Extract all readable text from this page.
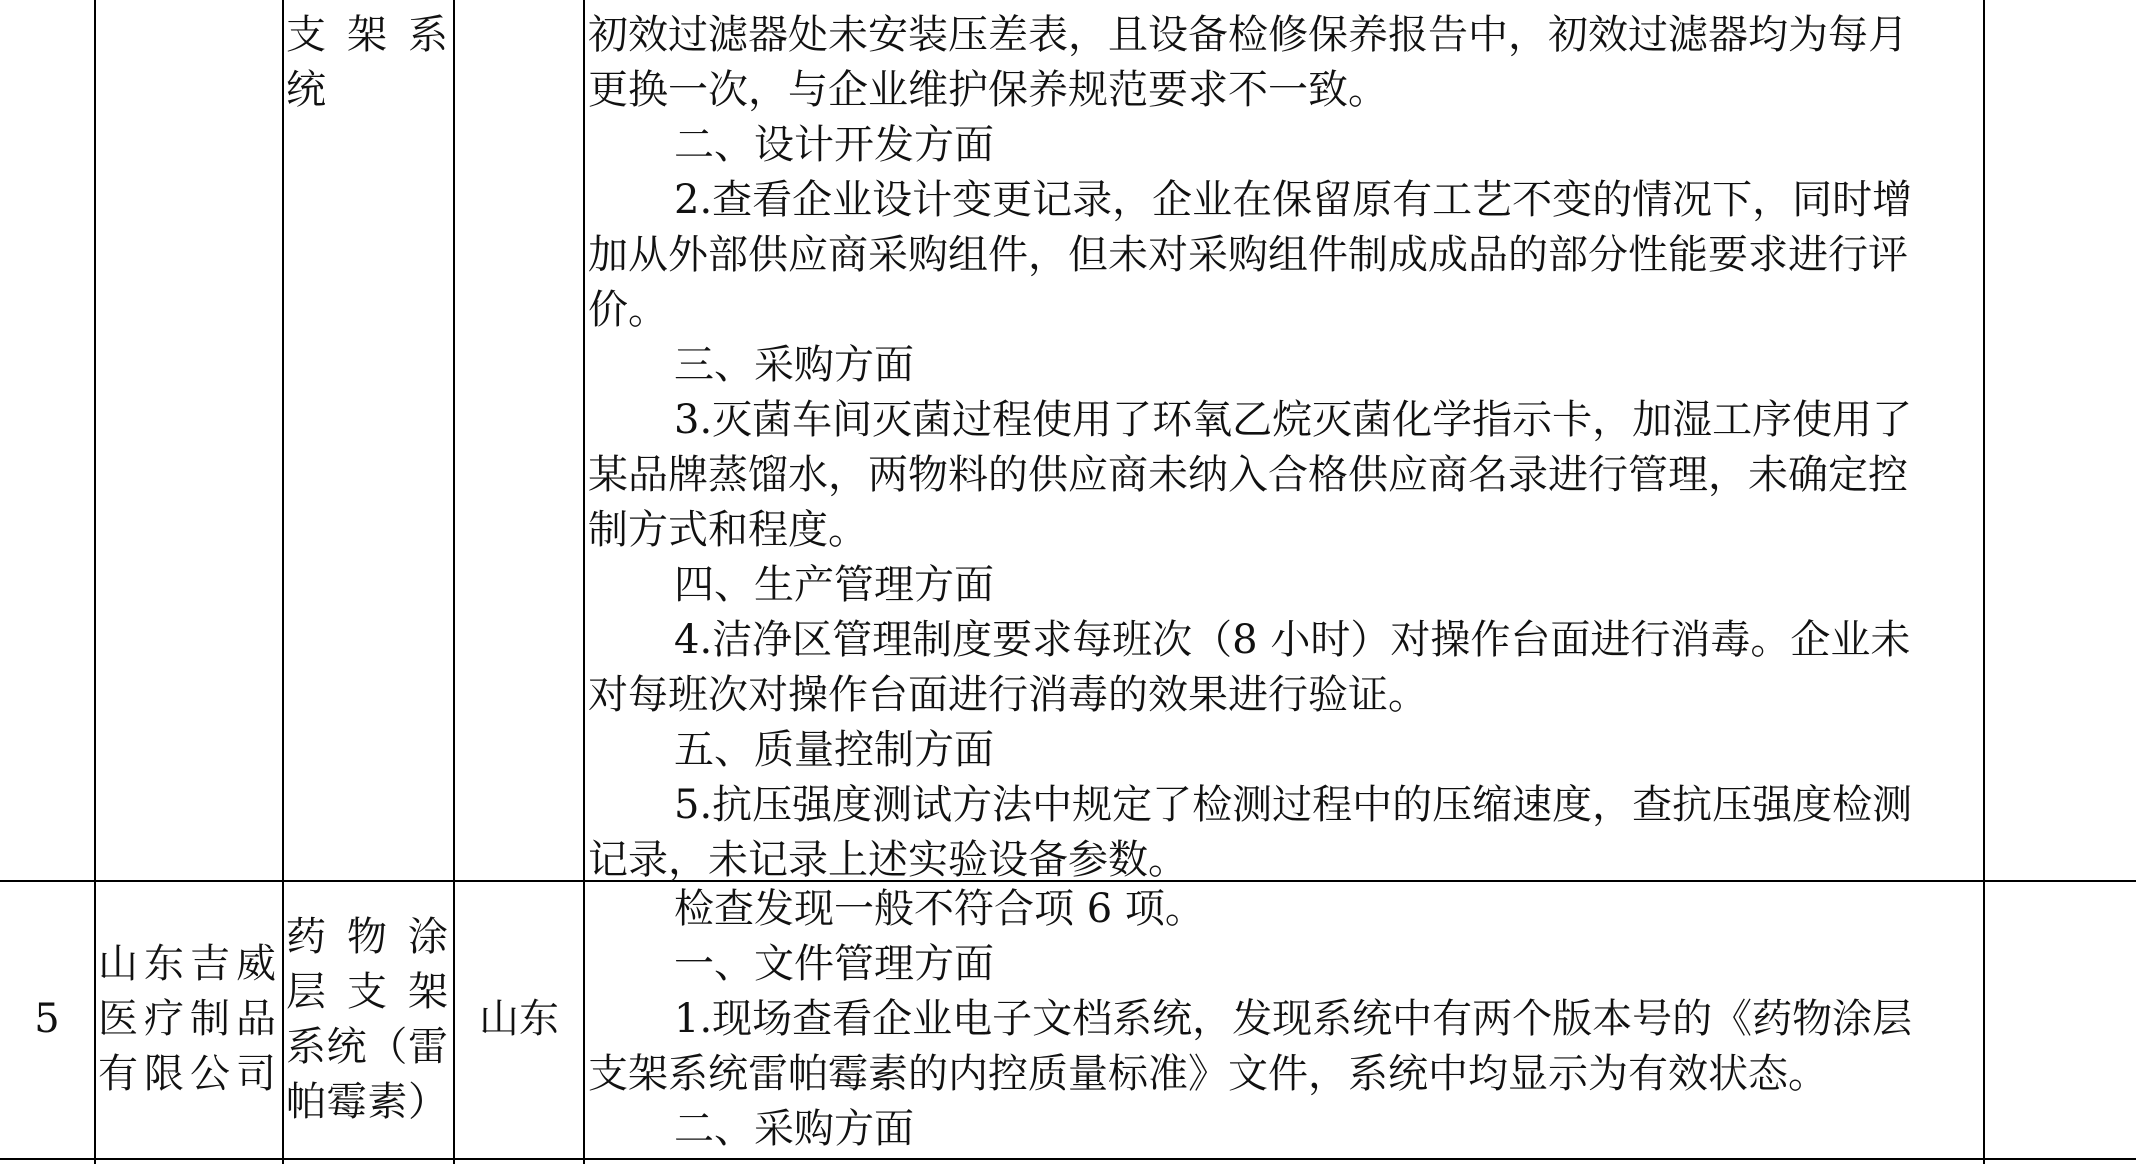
支 架 系
统
初效过滤器处未安装压差表，且设备检修保养报告中，初效过滤器均为每月
更换一次，与企业维护保养规范要求不一致。
二、设计开发方面
2.查看企业设计变更记录，企业在保留原有工艺不变的情况下，同时增
加从外部供应商采购组件，但未对采购组件制成成品的部分性能要求进行评
价。
三、采购方面
3.灭菌车间灭菌过程使用了环氧乙烷灭菌化学指示卡，加湿工序使用了
某品牌蒸馏水，两物料的供应商未纳入合格供应商名录进行管理，未确定控
制方式和程度。
四、生产管理方面
4.洁净区管理制度要求每班次（8 小时）对操作台面进行消毒。企业未
对每班次对操作台面进行消毒的效果进行验证。
五、质量控制方面
5.抗压强度测试方法中规定了检测过程中的压缩速度，查抗压强度检测
记录，未记录上述实验设备参数。
5
山东吉威
医疗制品
有限公司
药 物 涂
层 支 架
系统（雷
帕霉素）
山东
检查发现一般不符合项 6 项。
一、文件管理方面
1.现场查看企业电子文档系统，发现系统中有两个版本号的《药物涂层
支架系统雷帕霉素的内控质量标准》文件，系统中均显示为有效状态。
二、采购方面
